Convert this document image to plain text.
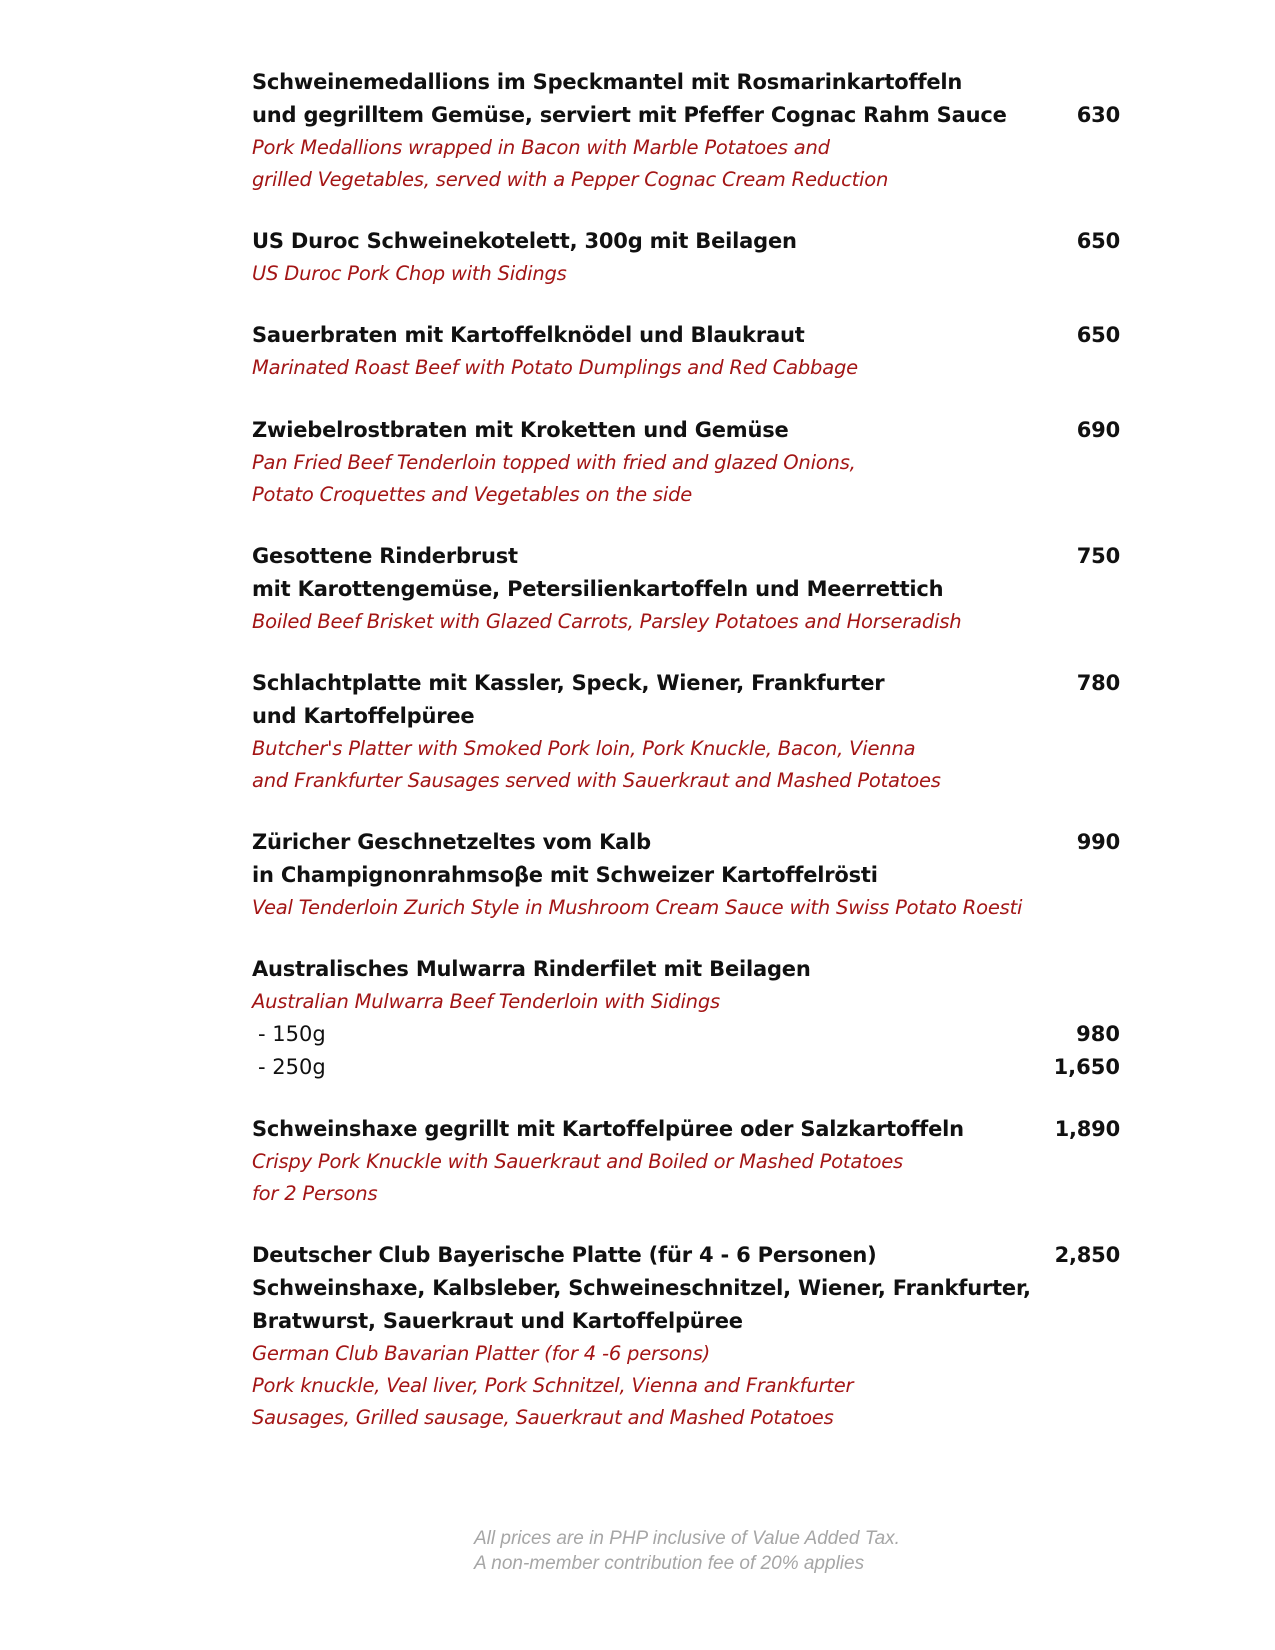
Schweinemedallions im Speckmantel mit Rosmarinkartoffeln
und gegrilltem Gemüse, serviert mit Pfeffer Cognac Rahm Sauce	630
Pork Medallions wrapped in Bacon with Marble Potatoes and
grilled Vegetables, served with a Pepper Cognac Cream Reduction
US Duroc Schweinekotelett, 300g mit Beilagen	650
US Duroc Pork Chop with Sidings
Sauerbraten mit Kartoffelknödel und Blaukraut	650
Marinated Roast Beef with Potato Dumplings and Red Cabbage
Zwiebelrostbraten mit Kroketten und Gemüse	690
Pan Fried Beef Tenderloin topped with fried and glazed Onions,
Potato Croquettes and Vegetables on the side
Gesottene Rinderbrust	750
mit Karottengemüse, Petersilienkartoffeln und Meerrettich
Boiled Beef Brisket with Glazed Carrots, Parsley Potatoes and Horseradish
Schlachtplatte mit Kassler, Speck, Wiener, Frankfurter	780
und Kartoffelpüree
Butcher's Platter with Smoked Pork loin, Pork Knuckle, Bacon, Vienna
and Frankfurter Sausages served with Sauerkraut and Mashed Potatoes
Züricher Geschnetzeltes vom Kalb	990
in Champignonrahmsoβe mit Schweizer Kartoffelrösti
Veal Tenderloin Zurich Style in Mushroom Cream Sauce with Swiss Potato Roesti
Australisches Mulwarra Rinderfilet mit Beilagen
Australian Mulwarra Beef Tenderloin with Sidings
- 150g	980
- 250g	1,650
Schweinshaxe gegrillt mit Kartoffelpüree oder Salzkartoffeln	1,890
Crispy Pork Knuckle with Sauerkraut and Boiled or Mashed Potatoes
for 2 Persons
Deutscher Club Bayerische Platte (für 4 - 6 Personen)	2,850
Schweinshaxe, Kalbsleber, Schweineschnitzel, Wiener, Frankfurter,
Bratwurst, Sauerkraut und Kartoffelpüree
German Club Bavarian Platter (for 4 -6 persons)
Pork knuckle, Veal liver, Pork Schnitzel, Vienna and Frankfurter
Sausages, Grilled sausage, Sauerkraut and Mashed Potatoes
All prices are in PHP inclusive of Value Added Tax.
A non-member contribution fee of 20% applies
